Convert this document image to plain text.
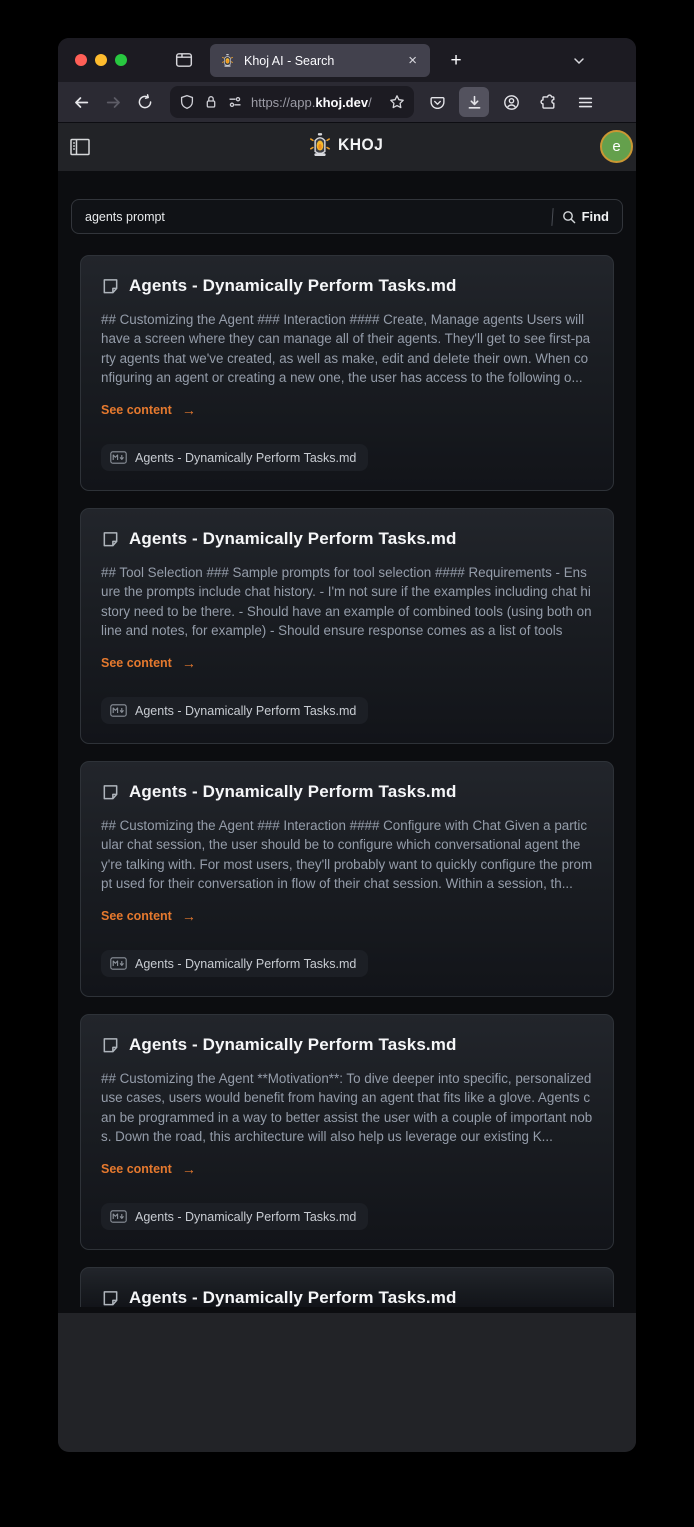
Khoj AI - Search	×	+
https://app.khoj.dev/
KHOJ	e
agents prompt	Find
Agents - Dynamically Perform Tasks.md
## Customizing the Agent ### Interaction #### Create, Manage agents Users will have a screen where they can manage all of their agents. They'll get to see first-party agents that we've created, as well as make, edit and delete their own. When configuring an agent or creating a new one, the user has access to the following o...
See content →
Agents - Dynamically Perform Tasks.md
Agents - Dynamically Perform Tasks.md
## Tool Selection ### Sample prompts for tool selection #### Requirements - Ensure the prompts include chat history. - I'm not sure if the examples including chat history need to be there. - Should have an example of combined tools (using both online and notes, for example) - Should ensure response comes as a list of tools
See content →
Agents - Dynamically Perform Tasks.md
Agents - Dynamically Perform Tasks.md
## Customizing the Agent ### Interaction #### Configure with Chat Given a particular chat session, the user should be to configure which conversational agent they're talking with. For most users, they'll probably want to quickly configure the prompt used for their conversation in flow of their chat session. Within a session, th...
See content →
Agents - Dynamically Perform Tasks.md
Agents - Dynamically Perform Tasks.md
## Customizing the Agent **Motivation**: To dive deeper into specific, personalized use cases, users would benefit from having an agent that fits like a glove. Agents can be programmed in a way to better assist the user with a couple of important nobs. Down the road, this architecture will also help us leverage our existing K...
See content →
Agents - Dynamically Perform Tasks.md
Agents - Dynamically Perform Tasks.md
